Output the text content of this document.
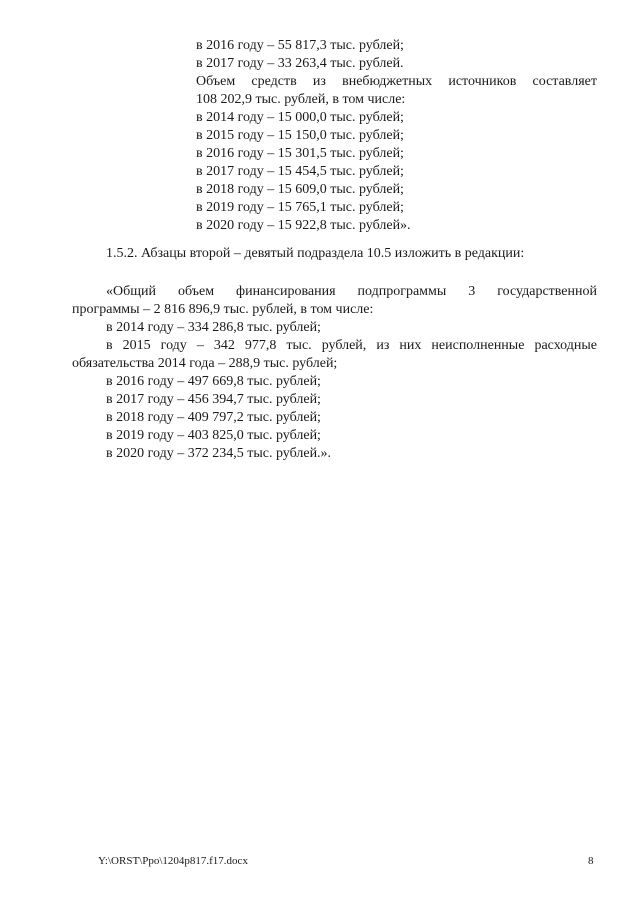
в 2016 году – 55 817,3 тыс. рублей;
в 2017 году – 33 263,4 тыс. рублей.
Объем средств из внебюджетных источников составляет
108 202,9 тыс. рублей, в том числе:
в 2014 году – 15 000,0 тыс. рублей;
в 2015 году – 15 150,0 тыс. рублей;
в 2016 году – 15 301,5 тыс. рублей;
в 2017 году – 15 454,5 тыс. рублей;
в 2018 году – 15 609,0 тыс. рублей;
в 2019 году – 15 765,1 тыс. рублей;
в 2020 году – 15 922,8 тыс. рублей».
1.5.2. Абзацы второй – девятый подраздела 10.5 изложить в редакции:
«Общий объем финансирования подпрограммы 3 государственной
программы – 2 816 896,9 тыс. рублей, в том числе:
в 2014 году – 334 286,8 тыс. рублей;
в 2015 году – 342 977,8 тыс. рублей, из них неисполненные расходные
обязательства 2014 года – 288,9 тыс. рублей;
в 2016 году – 497 669,8 тыс. рублей;
в 2017 году – 456 394,7 тыс. рублей;
в 2018 году – 409 797,2 тыс. рублей;
в 2019 году – 403 825,0 тыс. рублей;
в 2020 году – 372 234,5 тыс. рублей.».
Y:\ORST\Ppo\1204p817.f17.docx	8
